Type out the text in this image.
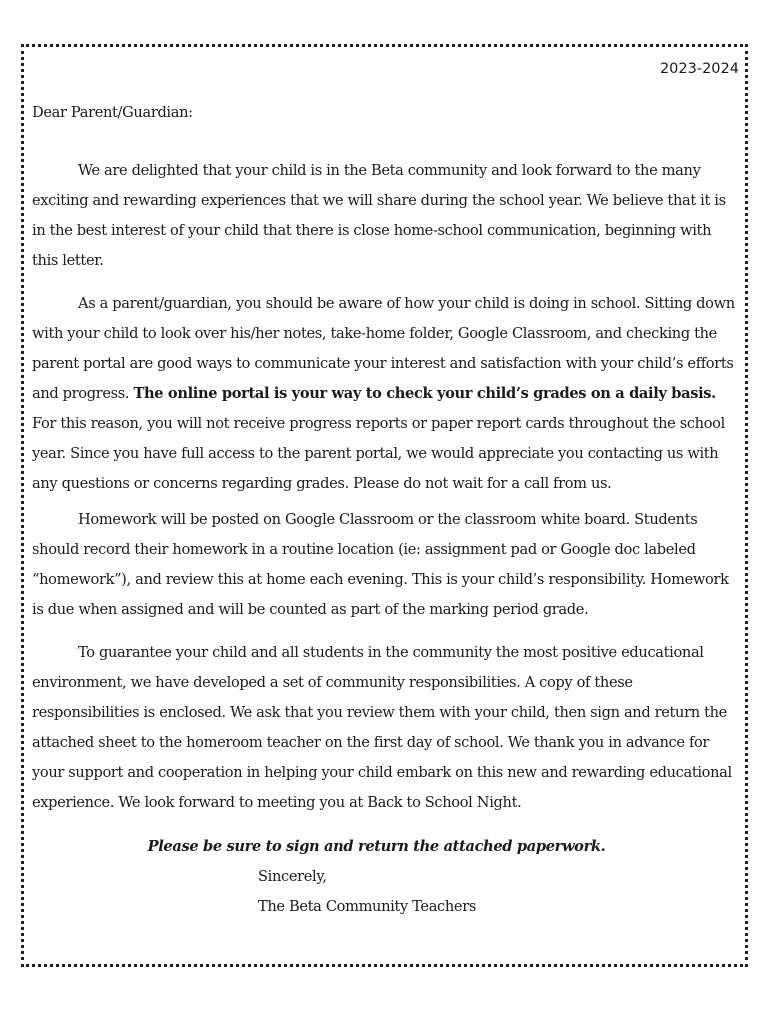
2023-2024

Dear Parent/Guardian:

We are delighted that your child is in the Beta community and look forward to the many exciting and rewarding experiences that we will share during the school year. We believe that it is in the best interest of your child that there is close home-school communication, beginning with this letter.

As a parent/guardian, you should be aware of how your child is doing in school. Sitting down with your child to look over his/her notes, take-home folder, Google Classroom, and checking the parent portal are good ways to communicate your interest and satisfaction with your child’s efforts and progress. The online portal is your way to check your child’s grades on a daily basis. For this reason, you will not receive progress reports or paper report cards throughout the school year. Since you have full access to the parent portal, we would appreciate you contacting us with any questions or concerns regarding grades. Please do not wait for a call from us.

Homework will be posted on Google Classroom or the classroom white board. Students should record their homework in a routine location (ie: assignment pad or Google doc labeled “homework”), and review this at home each evening. This is your child’s responsibility. Homework is due when assigned and will be counted as part of the marking period grade.

To guarantee your child and all students in the community the most positive educational environment, we have developed a set of community responsibilities. A copy of these responsibilities is enclosed. We ask that you review them with your child, then sign and return the attached sheet to the homeroom teacher on the first day of school. We thank you in advance for your support and cooperation in helping your child embark on this new and rewarding educational experience. We look forward to meeting you at Back to School Night.

Please be sure to sign and return the attached paperwork.

Sincerely,

The Beta Community Teachers
